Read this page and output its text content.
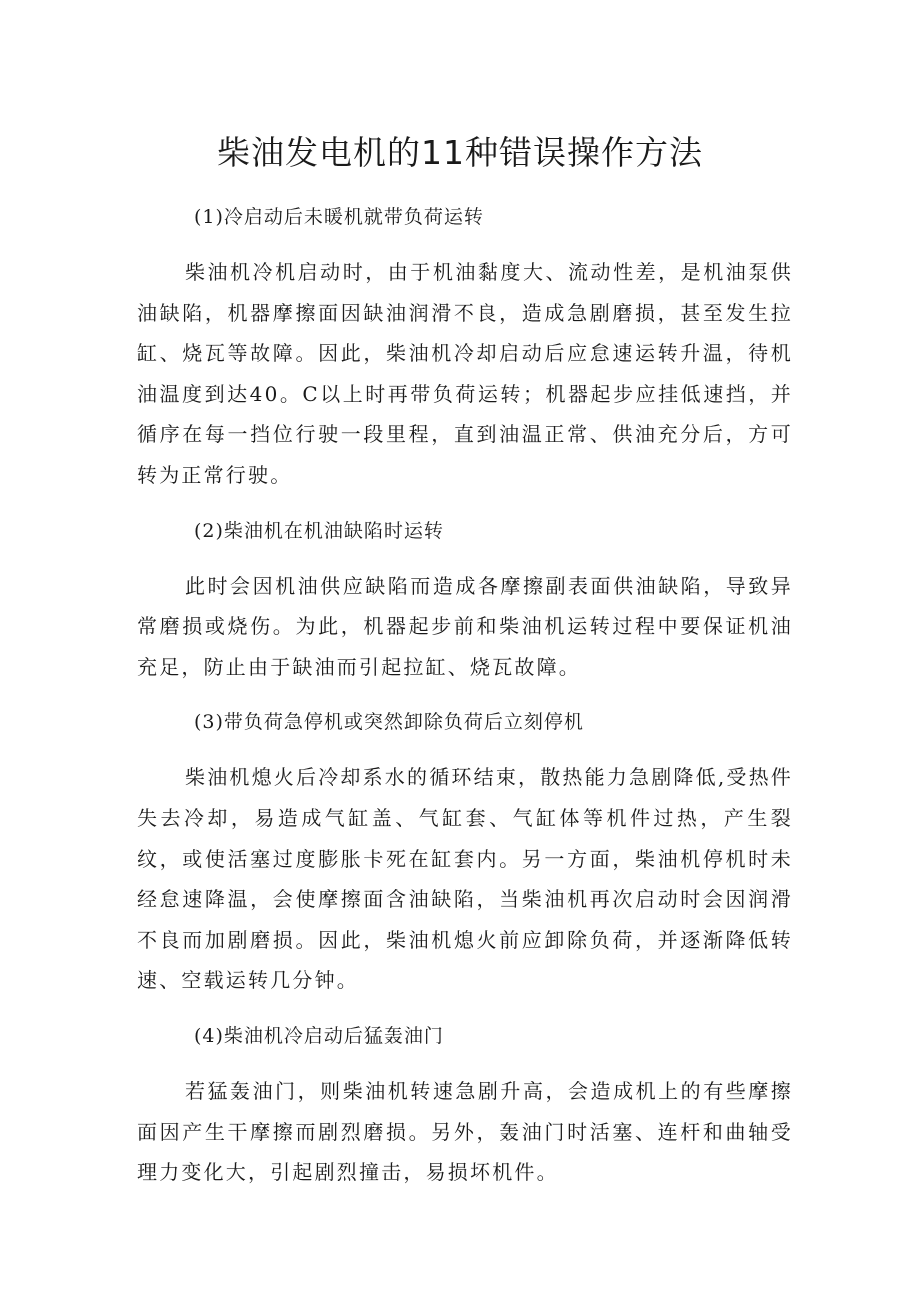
柴油发电机的11种错误操作方法
(1)冷启动后未暖机就带负荷运转

柴油机冷机启动时，由于机油黏度大、流动性差，是机油泵供油缺陷，机器摩擦面因缺油润滑不良，造成急剧磨损，甚至发生拉缸、烧瓦等故障。因此，柴油机冷却启动后应怠速运转升温，待机油温度到达40。C以上时再带负荷运转；机器起步应挂低速挡，并循序在每一挡位行驶一段里程，直到油温正常、供油充分后，方可转为正常行驶。

(2)柴油机在机油缺陷时运转

此时会因机油供应缺陷而造成各摩擦副表面供油缺陷，导致异常磨损或烧伤。为此，机器起步前和柴油机运转过程中要保证机油充足，防止由于缺油而引起拉缸、烧瓦故障。

(3)带负荷急停机或突然卸除负荷后立刻停机

柴油机熄火后冷却系水的循环结束，散热能力急剧降低,受热件失去冷却，易造成气缸盖、气缸套、气缸体等机件过热，产生裂纹，或使活塞过度膨胀卡死在缸套内。另一方面，柴油机停机时未经怠速降温，会使摩擦面含油缺陷，当柴油机再次启动时会因润滑不良而加剧磨损。因此，柴油机熄火前应卸除负荷，并逐渐降低转速、空载运转几分钟。

(4)柴油机冷启动后猛轰油门

若猛轰油门，则柴油机转速急剧升高，会造成机上的有些摩擦面因产生干摩擦而剧烈磨损。另外，轰油门时活塞、连杆和曲轴受理力变化大，引起剧烈撞击，易损坏机件。
